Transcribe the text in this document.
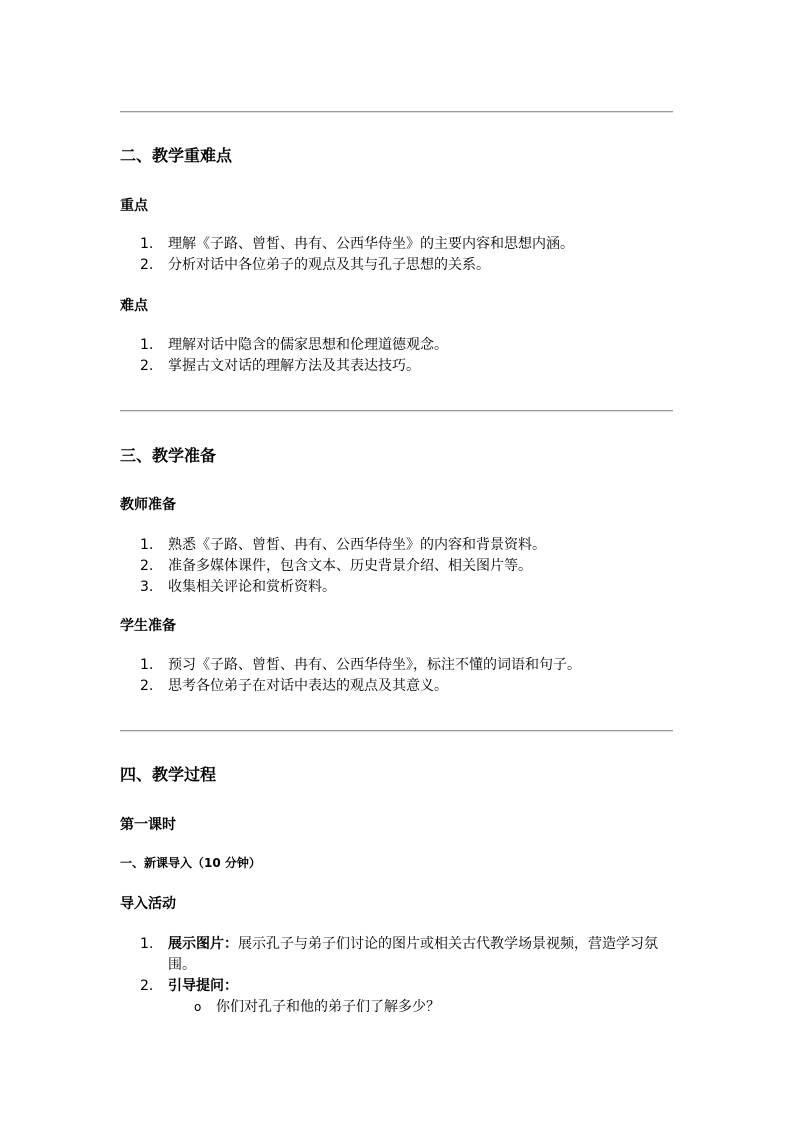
二、教学重难点
重点
1.	理解《子路、曾皙、冉有、公西华侍坐》的主要内容和思想内涵。
2.	分析对话中各位弟子的观点及其与孔子思想的关系。
难点
1.	理解对话中隐含的儒家思想和伦理道德观念。
2.	掌握古文对话的理解方法及其表达技巧。
三、教学准备
教师准备
1.	熟悉《子路、曾皙、冉有、公西华侍坐》的内容和背景资料。
2.	准备多媒体课件，包含文本、历史背景介绍、相关图片等。
3.	收集相关评论和赏析资料。
学生准备
1.	预习《子路、曾皙、冉有、公西华侍坐》，标注不懂的词语和句子。
2.	思考各位弟子在对话中表达的观点及其意义。
四、教学过程
第一课时
一、新课导入（10 分钟）
导入活动
1.	展示图片：展示孔子与弟子们讨论的图片或相关古代教学场景视频，营造学习氛围。
2.	引导提问：
o 你们对孔子和他的弟子们了解多少？
